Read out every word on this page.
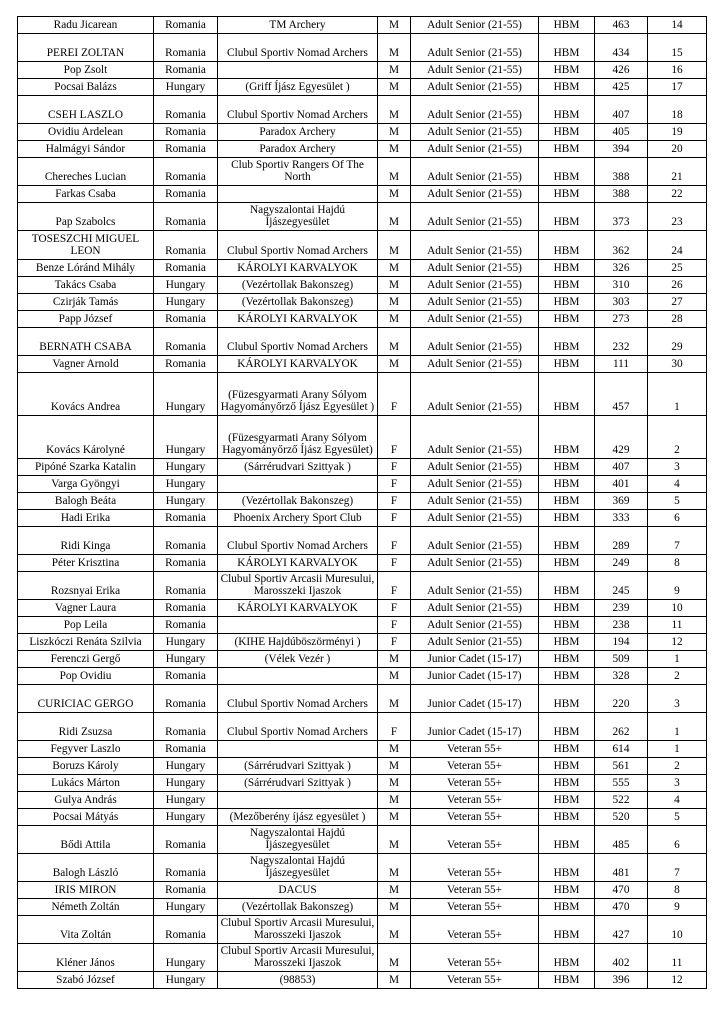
Radu Jicarean	Romania	TM Archery	M	Adult Senior (21-55)	HBM	463	14
PEREI ZOLTAN	Romania	Clubul Sportiv Nomad Archers	M	Adult Senior (21-55)	HBM	434	15
Pop Zsolt	Romania		M	Adult Senior (21-55)	HBM	426	16
Pocsai Balázs	Hungary	(Griff Íjász Egyesület )	M	Adult Senior (21-55)	HBM	425	17
CSEH LASZLO	Romania	Clubul Sportiv Nomad Archers	M	Adult Senior (21-55)	HBM	407	18
Ovidiu Ardelean	Romania	Paradox Archery	M	Adult Senior (21-55)	HBM	405	19
Halmágyi Sándor	Romania	Paradox Archery	M	Adult Senior (21-55)	HBM	394	20
Chereches Lucian	Romania	Club Sportiv Rangers Of The North	M	Adult Senior (21-55)	HBM	388	21
Farkas Csaba	Romania		M	Adult Senior (21-55)	HBM	388	22
Pap Szabolcs	Romania	Nagyszalontai Hajdú Íjászegyesület	M	Adult Senior (21-55)	HBM	373	23
TOSESZCHI MIGUEL LEON	Romania	Clubul Sportiv Nomad Archers	M	Adult Senior (21-55)	HBM	362	24
Benze Lóránd Mihály	Romania	KÁROLYI KARVALYOK	M	Adult Senior (21-55)	HBM	326	25
Takács Csaba	Hungary	(Vezértollak Bakonszeg)	M	Adult Senior (21-55)	HBM	310	26
Czirják Tamás	Hungary	(Vezértollak Bakonszeg)	M	Adult Senior (21-55)	HBM	303	27
Papp József	Romania	KÁROLYI KARVALYOK	M	Adult Senior (21-55)	HBM	273	28
BERNATH CSABA	Romania	Clubul Sportiv Nomad Archers	M	Adult Senior (21-55)	HBM	232	29
Vagner Arnold	Romania	KÁROLYI KARVALYOK	M	Adult Senior (21-55)	HBM	111	30
Kovács Andrea	Hungary	(Füzesgyarmati Arany Sólyom Hagyományőrző Íjász Egyesület )	F	Adult Senior (21-55)	HBM	457	1
Kovács Károlyné	Hungary	(Füzesgyarmati Arany Sólyom Hagyományőrző Íjász Egyesület)	F	Adult Senior (21-55)	HBM	429	2
Pipóné Szarka Katalin	Hungary	(Sárrérudvari Szittyak )	F	Adult Senior (21-55)	HBM	407	3
Varga Gyöngyi	Hungary		F	Adult Senior (21-55)	HBM	401	4
Balogh Beáta	Hungary	(Vezértollak Bakonszeg)	F	Adult Senior (21-55)	HBM	369	5
Hadi Erika	Romania	Phoenix Archery Sport Club	F	Adult Senior (21-55)	HBM	333	6
Ridi Kinga	Romania	Clubul Sportiv Nomad Archers	F	Adult Senior (21-55)	HBM	289	7
Péter Krisztina	Romania	KÁROLYI KARVALYOK	F	Adult Senior (21-55)	HBM	249	8
Rozsnyai Erika	Romania	Clubul Sportiv Arcasii Muresului, Marosszeki Ijaszok	F	Adult Senior (21-55)	HBM	245	9
Vagner Laura	Romania	KÁROLYI KARVALYOK	F	Adult Senior (21-55)	HBM	239	10
Pop Leila	Romania		F	Adult Senior (21-55)	HBM	238	11
Liszkóczi Renáta Szilvia	Hungary	(KIHE Hajdúböszörményi )	F	Adult Senior (21-55)	HBM	194	12
Ferenczi Gergő	Hungary	(Vélek Vezér )	M	Junior Cadet (15-17)	HBM	509	1
Pop Ovidiu	Romania		M	Junior Cadet (15-17)	HBM	328	2
CURICIAC GERGO	Romania	Clubul Sportiv Nomad Archers	M	Junior Cadet (15-17)	HBM	220	3
Ridi Zsuzsa	Romania	Clubul Sportiv Nomad Archers	F	Junior Cadet (15-17)	HBM	262	1
Fegyver Laszlo	Romania		M	Veteran 55+	HBM	614	1
Boruzs Károly	Hungary	(Sárrérudvari Szittyak )	M	Veteran 55+	HBM	561	2
Lukács Márton	Hungary	(Sárrérudvari Szittyak )	M	Veteran 55+	HBM	555	3
Gulya András	Hungary		M	Veteran 55+	HBM	522	4
Pocsai Mátyás	Hungary	(Mezőberény íjász egyesület )	M	Veteran 55+	HBM	520	5
Bődi Attila	Romania	Nagyszalontai Hajdú Íjászegyesület	M	Veteran 55+	HBM	485	6
Balogh László	Romania	Nagyszalontai Hajdú Íjászegyesület	M	Veteran 55+	HBM	481	7
IRIS MIRON	Romania	DACUS	M	Veteran 55+	HBM	470	8
Németh Zoltán	Hungary	(Vezértollak Bakonszeg)	M	Veteran 55+	HBM	470	9
Vita Zoltán	Romania	Clubul Sportiv Arcasii Muresului, Marosszeki Ijaszok	M	Veteran 55+	HBM	427	10
Kléner János	Hungary	Clubul Sportiv Arcasii Muresului, Marosszeki Ijaszok	M	Veteran 55+	HBM	402	11
Szabó József	Hungary	(98853)	M	Veteran 55+	HBM	396	12
